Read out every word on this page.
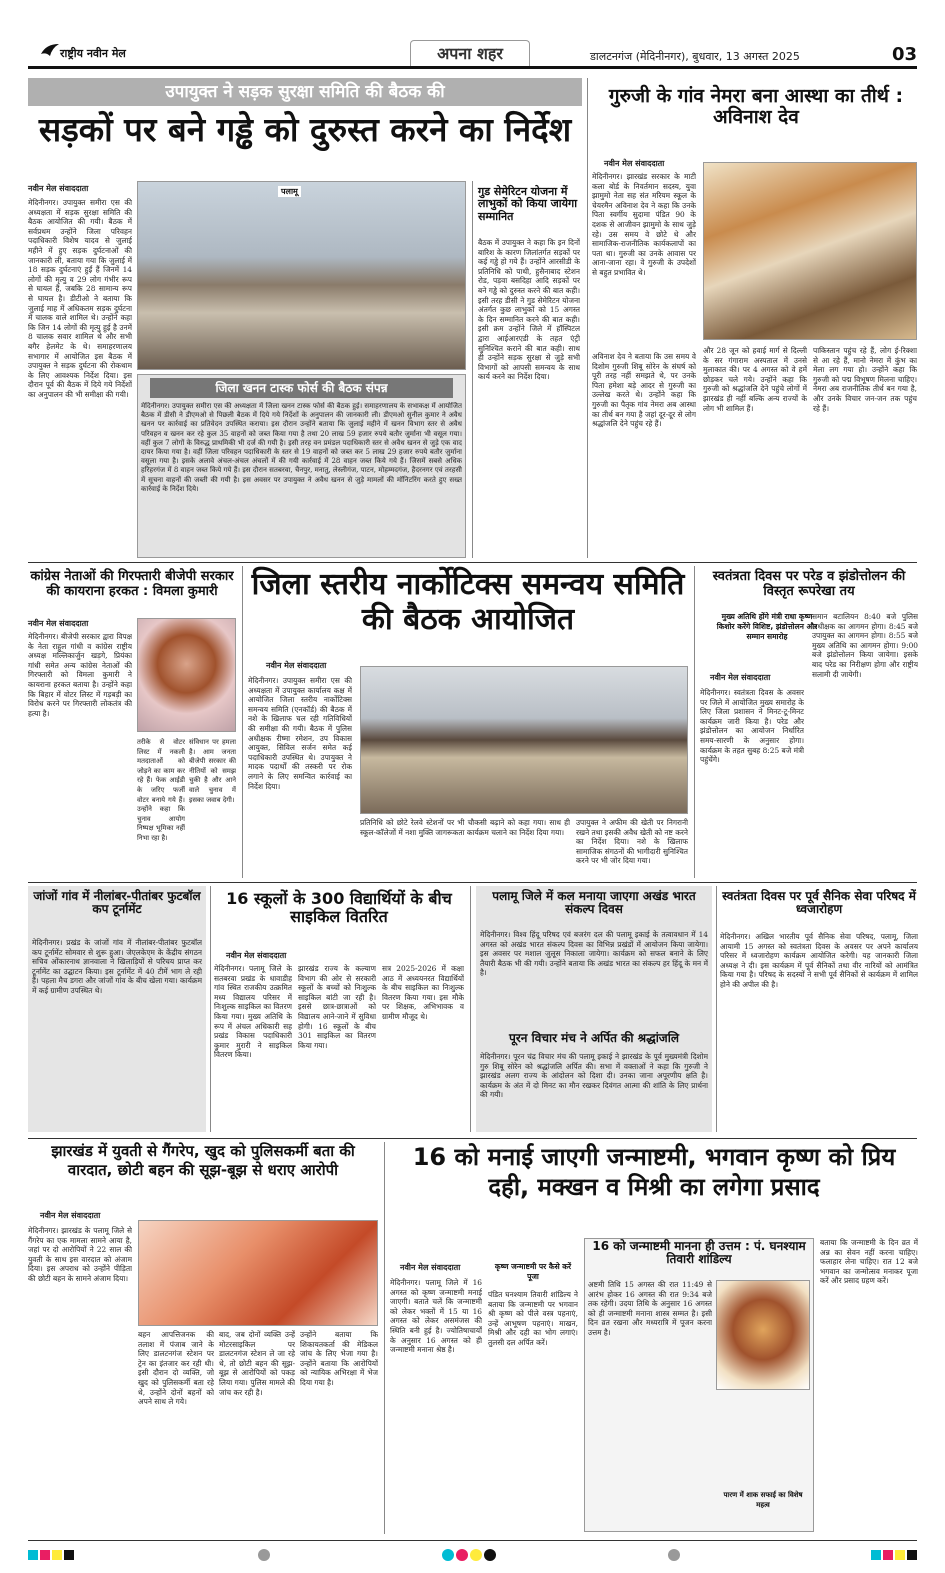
राष्ट्रीय नवीन मेल	अपना शहर	डालटनगंज (मेदिनीनगर), बुधवार, 13 अगस्त 2025	03
उपायुक्त ने सड़क सुरक्षा समिति की बैठक की
सड़कों पर बने गड्ढे को दुरुस्त करने का निर्देश
नवीन मेल संवाददाता
मेदिनीनगर। उपायुक्त समीरा एस की अध्यक्षता में सड़क सुरक्षा समिति की बैठक आयोजित की गयी। बैठक में सर्वप्रथम उन्होंने जिला परिवहन पदाधिकारी विशेष यादव से जुलाई महीने में हुए सड़क दुर्घटनाओं की जानकारी ली, बताया गया कि जुलाई में 18 सड़क दुर्घटनाएं हुईं हैं जिनमें 14 लोगों की मृत्यु व 29 लोग गंभीर रूप से घायल हैं, जबकि 28 सामान्य रूप से घायल है। डीटीओ ने बताया कि जुलाई माह में अधिकतम सड़क दुर्घटना में चालक वाले शामिल थे। उन्होंने कहा कि जिन 14 लोगों की मृत्यु हुई है उनमें 8 चालक सवार शामिल थे और सभी बगैर हेलमेट के थे। समाहरणालय सभागार में आयोजित इस बैठक में उपायुक्त ने सड़क दुर्घटना की रोकथाम के लिए आवश्यक निर्देश दिया। इस दौरान पूर्व की बैठक में दिये गये निर्देशों का अनुपालन की भी समीक्षा की गयी।
पलामू
जिला खनन टास्क फोर्स की बैठक संपन्न
मेदिनीनगर। उपायुक्त समीरा एस की अध्यक्षता में जिला खनन टास्क फोर्स की बैठक हुई। समाहरणालय के सभाकक्ष में आयोजित बैठक में डीसी ने डीएमओ से पिछली बैठक में दिये गये निर्देशों के अनुपालन की जानकारी ली। डीएमओ सुनील कुमार ने अवैध खनन पर कार्रवाई का प्रतिवेदन उपस्थित कराया। इस दौरान उन्होंने बताया कि जुलाई महीने में खनन विभाग स्तर से अवैध परिवहन व खनन कर रहे कुल 35 वाहनों को जब्त किया गया है तथा 20 लाख 59 हजार रुपये बतौर जुर्माना भी वसूल गया। वहीं कुल 7 लोगों के विरुद्ध प्राथमिकी भी दर्ज की गयी है। इसी तरह वन प्रमंडल पदाधिकारी स्तर से अवैध खनन से जुड़े एक वाद दायर किया गया है। वहीं जिला परिवहन पदाधिकारी के स्तर से 19 वाहनों को जब्त कर 5 लाख 29 हजार रुपये बतौर जुर्माना वसूला गया है। इसके अलावे अंचल-अंचल अंचलों में की गयी कार्रवाई में 28 वाहन जब्त किये गये हैं। जिसमें सबसे अधिक हरिहरगंज में 8 वाहन जब्त किये गये हैं। इस दौरान सतबरवा, चैनपुर, मनातु, लेस्लीगंज, पाटन, मोहम्मदगंज, हैदरनगर एवं तरहसी में सूचना वाहनों की जब्ती की गयी है। इस अवसर पर उपायुक्त ने अवैध खनन से जुड़े मामलों की मॉनिटरिंग करते हुए सख्त कार्रवाई के निर्देश दिये।
गुड सेमेरिटन योजना में लाभुकों को किया जायेगा सम्मानित
बैठक में उपायुक्त ने कहा कि इन दिनों बारिश के कारण जिलांतर्गत सड़कों पर कई गड्ढे हो गये हैं। उन्होंने आरसीडी के प्रतिनिधि को पाथी, हुसैनाबाद स्टेशन रोड, पड़वा बसदिहा आदि सड़कों पर बने गड्ढे को दुरुस्त करने की बात कही। इसी तरह डीसी ने गुड सेमेरिटन योजना अंतर्गत कुछ लाभुकों को 15 अगस्त के दिन सम्मानित करने की बात कही। इसी क्रम उन्होंने जिले में हॉस्पिटल द्वारा आईआरएडी के तहत एंट्री सुनिश्चित कराने की बात कही। साथ ही उन्होंने सड़क सुरक्षा से जुड़े सभी विभागों को आपसी समन्वय के साथ कार्य करने का निर्देश दिया।
गुरुजी के गांव नेमरा बना आस्था का तीर्थ : अविनाश देव
नवीन मेल संवाददाता
मेदिनीनगर। झारखंड सरकार के माटी कला बोर्ड के निवर्तमान सदस्य, युवा झामुमो नेता सह संत मरियम स्कूल के चेयरमैन अविनाश देव ने कहा कि उनके पिता स्वर्गीय सुदामा पंडित 90 के दशक से आजीवन झामुमो के साथ जुड़े रहे। उस समय वे छोटे थे और सामाजिक-राजनीतिक कार्यकलापों का पता था। गुरुजी का उनके आवास पर आना-जाना रहा। वे गुरुजी के उपदेशों से बहुत प्रभावित थे।
अविनाश देव ने बताया कि उस समय वे दिशोम गुरुजी शिबू सोरेन के संघर्ष को पूरी तरह नहीं समझते थे, पर उनके पिता हमेशा बड़े आदर से गुरुजी का उल्लेख करते थे। उन्होंने कहा कि गुरुजी का पैतृक गांव नेमरा अब आस्था का तीर्थ बन गया है जहां दूर-दूर से लोग श्रद्धांजलि देने पहुंच रहे हैं।
और 28 जून को हवाई मार्ग से दिल्ली के सर गंगाराम अस्पताल में उनसे मुलाकात की। पर 4 अगस्त को वे हमें छोड़कर चले गये। उन्होंने कहा कि गुरुजी को श्रद्धांजलि देने पहुंचे लोगों में झारखंड ही नहीं बल्कि अन्य राज्यों के लोग भी शामिल हैं।
पाकिस्तान पहुंच रहे हैं, लोग ई-रिक्शा से आ रहे हैं, मानो नेमरा में कुंभ का मेला लग गया हो। उन्होंने कहा कि गुरुजी को पद्म विभूषण मिलना चाहिए। नेमरा अब राजनीतिक तीर्थ बन गया है, और उनके विचार जन-जन तक पहुंच रहे हैं।
कांग्रेस नेताओं की गिरफ्तारी बीजेपी सरकार की कायराना हरकत : विमला कुमारी
नवीन मेल संवाददाता
मेदिनीनगर। बीजेपी सरकार द्वारा विपक्ष के नेता राहुल गांधी व कांग्रेस राष्ट्रीय अध्यक्ष मल्लिकार्जुन खड़गे, प्रियंका गांधी समेत अन्य कांग्रेस नेताओं की गिरफ्तारी को विमला कुमारी ने कायराना हरकत बताया है। उन्होंने कहा कि बिहार में वोटर लिस्ट में गड़बड़ी का विरोध करने पर गिरफ्तारी लोकतंत्र की हत्या है।
तरीके से वोटर लिस्ट में नकली मतदाताओं को जोड़ने का काम कर रहे हैं। फेक आईडी के जरिए फर्जी वोटर बनाये गये हैं। उन्होंने कहा कि चुनाव आयोग निष्पक्ष भूमिका नहीं निभा रहा है।
संविधान पर हमला है। आम जनता बीजेपी सरकार की नीतियों को समझ चुकी है और आने वाले चुनाव में इसका जवाब देगी।
जिला स्तरीय नार्कोटिक्स समन्वय समिति की बैठक आयोजित
नवीन मेल संवाददाता
मेदिनीनगर। उपायुक्त समीरा एस की अध्यक्षता में उपायुक्त कार्यालय कक्ष में आयोजित जिला स्तरीय नार्कोटिक्स समन्वय समिति (एनकॉर्ड) की बैठक में नशे के खिलाफ चल रही गतिविधियों की समीक्षा की गयी। बैठक में पुलिस अधीक्षक रीष्मा रमेशन, उप विकास आयुक्त, सिविल सर्जन समेत कई पदाधिकारी उपस्थित थे। उपायुक्त ने मादक पदार्थों की तस्करी पर रोक लगाने के लिए समन्वित कार्रवाई का निर्देश दिया।
प्रतिनिधि को छोटे रेलवे स्टेशनों पर भी चौकसी बढ़ाने को कहा गया। साथ ही स्कूल-कॉलेजों में नशा मुक्ति जागरूकता कार्यक्रम चलाने का निर्देश दिया गया।
उपायुक्त ने अफीम की खेती पर निगरानी रखने तथा इसकी अवैध खेती को नष्ट करने का निर्देश दिया। नशे के खिलाफ सामाजिक संगठनों की भागीदारी सुनिश्चित करने पर भी जोर दिया गया।
स्वतंत्रता दिवस पर परेड व झंडोत्तोलन की विस्तृत रूपरेखा तय
मुख्य अतिथि होंगे मंत्री राधा कृष्ण किशोर करेंगे विशिष्ट, झंडोत्तोलन और सम्मान समारोह
नवीन मेल संवाददाता
मेदिनीनगर। स्वतंत्रता दिवस के अवसर पर जिले में आयोजित मुख्य समारोह के लिए जिला प्रशासन ने मिनट-टू-मिनट कार्यक्रम जारी किया है। परेड और झंडोत्तोलन का आयोजन निर्धारित समय-सारणी के अनुसार होगा। कार्यक्रम के तहत सुबह 8:25 बजे मंत्री पहुंचेंगे।
समान बटालियन 8:40 बजे पुलिस अधीक्षक का आगमन होगा। 8:45 बजे उपायुक्त का आगमन होगा। 8:55 बजे मुख्य अतिथि का आगमन होगा। 9:00 बजे झंडोत्तोलन किया जायेगा। इसके बाद परेड का निरीक्षण होगा और राष्ट्रीय सलामी दी जायेगी।
जांजों गांव में नीलांबर-पीतांबर फुटबॉल कप टूर्नामेंट
मेदिनीनगर। प्रखंड के जांजों गांव में नीलांबर-पीतांबर फुटबॉल कप टूर्नामेंट सोमवार से शुरू हुआ। जेएलकेएम के केंद्रीय संगठन सचिव ओंकारनाथ ज्ञानवाला ने खिलाड़ियों से परिचय प्राप्त कर टूर्नामेंट का उद्घाटन किया। इस टूर्नामेंट में 40 टीमें भाग ले रही हैं। पहला मैच डगरा और जांजों गांव के बीच खेला गया। कार्यक्रम में कई ग्रामीण उपस्थित थे।
16 स्कूलों के 300 विद्यार्थियों के बीच साइकिल वितरित
नवीन मेल संवाददाता
मेदिनीनगर। पलामू जिले के सतबरवा प्रखंड के धावाडीह गांव स्थित राजकीय उत्क्रमित मध्य विद्यालय परिसर में निःशुल्क साइकिल का वितरण किया गया। मुख्य अतिथि के रूप में अंचल अधिकारी सह प्रखंड विकास पदाधिकारी कुमार मुरारी ने साइकिल वितरण किया।
झारखंड राज्य के कल्याण विभाग की ओर से सरकारी स्कूलों के बच्चों को निःशुल्क साइकिल बांटी जा रही है। इससे छात्र-छात्राओं को विद्यालय आने-जाने में सुविधा होगी। 16 स्कूलों के बीच 301 साइकिल का वितरण किया गया।
सत्र 2025-2026 में कक्षा आठ में अध्ययनरत विद्यार्थियों के बीच साइकिल का निःशुल्क वितरण किया गया। इस मौके पर शिक्षक, अभिभावक व ग्रामीण मौजूद थे।
पलामू जिले में कल मनाया जाएगा अखंड भारत संकल्प दिवस
मेदिनीनगर। विश्व हिंदू परिषद एवं बजरंग दल की पलामू इकाई के तत्वावधान में 14 अगस्त को अखंड भारत संकल्प दिवस का विभिन्न प्रखंडों में आयोजन किया जायेगा। इस अवसर पर मशाल जुलूस निकाला जायेगा। कार्यक्रम को सफल बनाने के लिए तैयारी बैठक भी की गयी। उन्होंने बताया कि अखंड भारत का संकल्प हर हिंदू के मन में है।
पूरन विचार मंच ने अर्पित की श्रद्धांजलि
मेदिनीनगर। पूरन चंद्र विचार मंच की पलामू इकाई ने झारखंड के पूर्व मुख्यमंत्री दिशोम गुरु शिबू सोरेन को श्रद्धांजलि अर्पित की। सभा में वक्ताओं ने कहा कि गुरुजी ने झारखंड अलग राज्य के आंदोलन को दिशा दी। उनका जाना अपूरणीय क्षति है। कार्यक्रम के अंत में दो मिनट का मौन रखकर दिवंगत आत्मा की शांति के लिए प्रार्थना की गयी।
स्वतंत्रता दिवस पर पूर्व सैनिक सेवा परिषद में ध्वजारोहण
मेदिनीनगर। अखिल भारतीय पूर्व सैनिक सेवा परिषद, पलामू, जिला आयामी 15 अगस्त को स्वतंत्रता दिवस के अवसर पर अपने कार्यालय परिसर में ध्वजारोहण कार्यक्रम आयोजित करेगी। यह जानकारी जिला अध्यक्ष ने दी। इस कार्यक्रम में पूर्व सैनिकों तथा वीर नारियों को आमंत्रित किया गया है। परिषद के सदस्यों ने सभी पूर्व सैनिकों से कार्यक्रम में शामिल होने की अपील की है।
झारखंड में युवती से गैंगरेप, खुद को पुलिसकर्मी बता की वारदात, छोटी बहन की सूझ-बूझ से धराए आरोपी
नवीन मेल संवाददाता
मेदिनीनगर। झारखंड के पलामू जिले से गैंगरेप का एक मामला सामने आया है, जहां पर दो आरोपियों ने 22 साल की युवती के साथ इस वारदात को अंजाम दिया। इस अपराध को उन्होंने पीड़िता की छोटी बहन के सामने अंजाम दिया।
बहन आपत्तिजनक की तलाश में पंजाब जाने के लिए डालटनगंज स्टेशन पर ट्रेन का इंतजार कर रही थी। इसी दौरान दो व्यक्ति, जो खुद को पुलिसकर्मी बता रहे थे, उन्होंने दोनों बहनों को अपने साथ ले गये।
बाद, जब दोनों व्यक्ति उन्हें मोटरसाइकिल पर डालटनगंज स्टेशन ले जा रहे थे, तो छोटी बहन की सूझ-बूझ से आरोपियों को पकड़ लिया गया। पुलिस मामले की जांच कर रही है।
उन्होंने बताया कि शिकायतकर्ता की मेडिकल जांच के लिए भेजा गया है। उन्होंने बताया कि आरोपियों को न्यायिक अभिरक्षा में भेज दिया गया है।
16 को मनाई जाएगी जन्माष्टमी, भगवान कृष्ण को प्रिय दही, मक्खन व मिश्री का लगेगा प्रसाद
नवीन मेल संवाददाता
मेदिनीनगर। पलामू जिले में 16 अगस्त को कृष्ण जन्माष्टमी मनाई जाएगी। बताते चलें कि जन्माष्टमी को लेकर भक्तों में 15 या 16 अगस्त को लेकर असमंजस की स्थिति बनी हुई है। ज्योतिषाचार्यों के अनुसार 16 अगस्त को ही जन्माष्टमी मनाना श्रेष्ठ है।
कृष्ण जन्माष्टमी पर कैसे करें पूजा
पंडित घनश्याम तिवारी शांडिल्य ने बताया कि जन्माष्टमी पर भगवान श्री कृष्ण को पीले वस्त्र पहनाएं, उन्हें आभूषण पहनाएं। माखन, मिश्री और दही का भोग लगाएं। तुलसी दल अर्पित करें।
16 को जन्माष्टमी मानना ही उत्तम : पं. घनश्याम तिवारी शांडिल्य
अष्टमी तिथि 15 अगस्त की रात 11:49 से आरंभ होकर 16 अगस्त की रात 9:34 बजे तक रहेगी। उदया तिथि के अनुसार 16 अगस्त को ही जन्माष्टमी मनाना शास्त्र सम्मत है। इसी दिन व्रत रखना और मध्यरात्रि में पूजन करना उत्तम है।
पारण में शाक सफाई का विशेष महत्व
बताया कि जन्माष्टमी के दिन व्रत में अन्न का सेवन नहीं करना चाहिए। फलाहार लेना चाहिए। रात 12 बजे भगवान का जन्मोत्सव मनाकर पूजा करें और प्रसाद ग्रहण करें।
